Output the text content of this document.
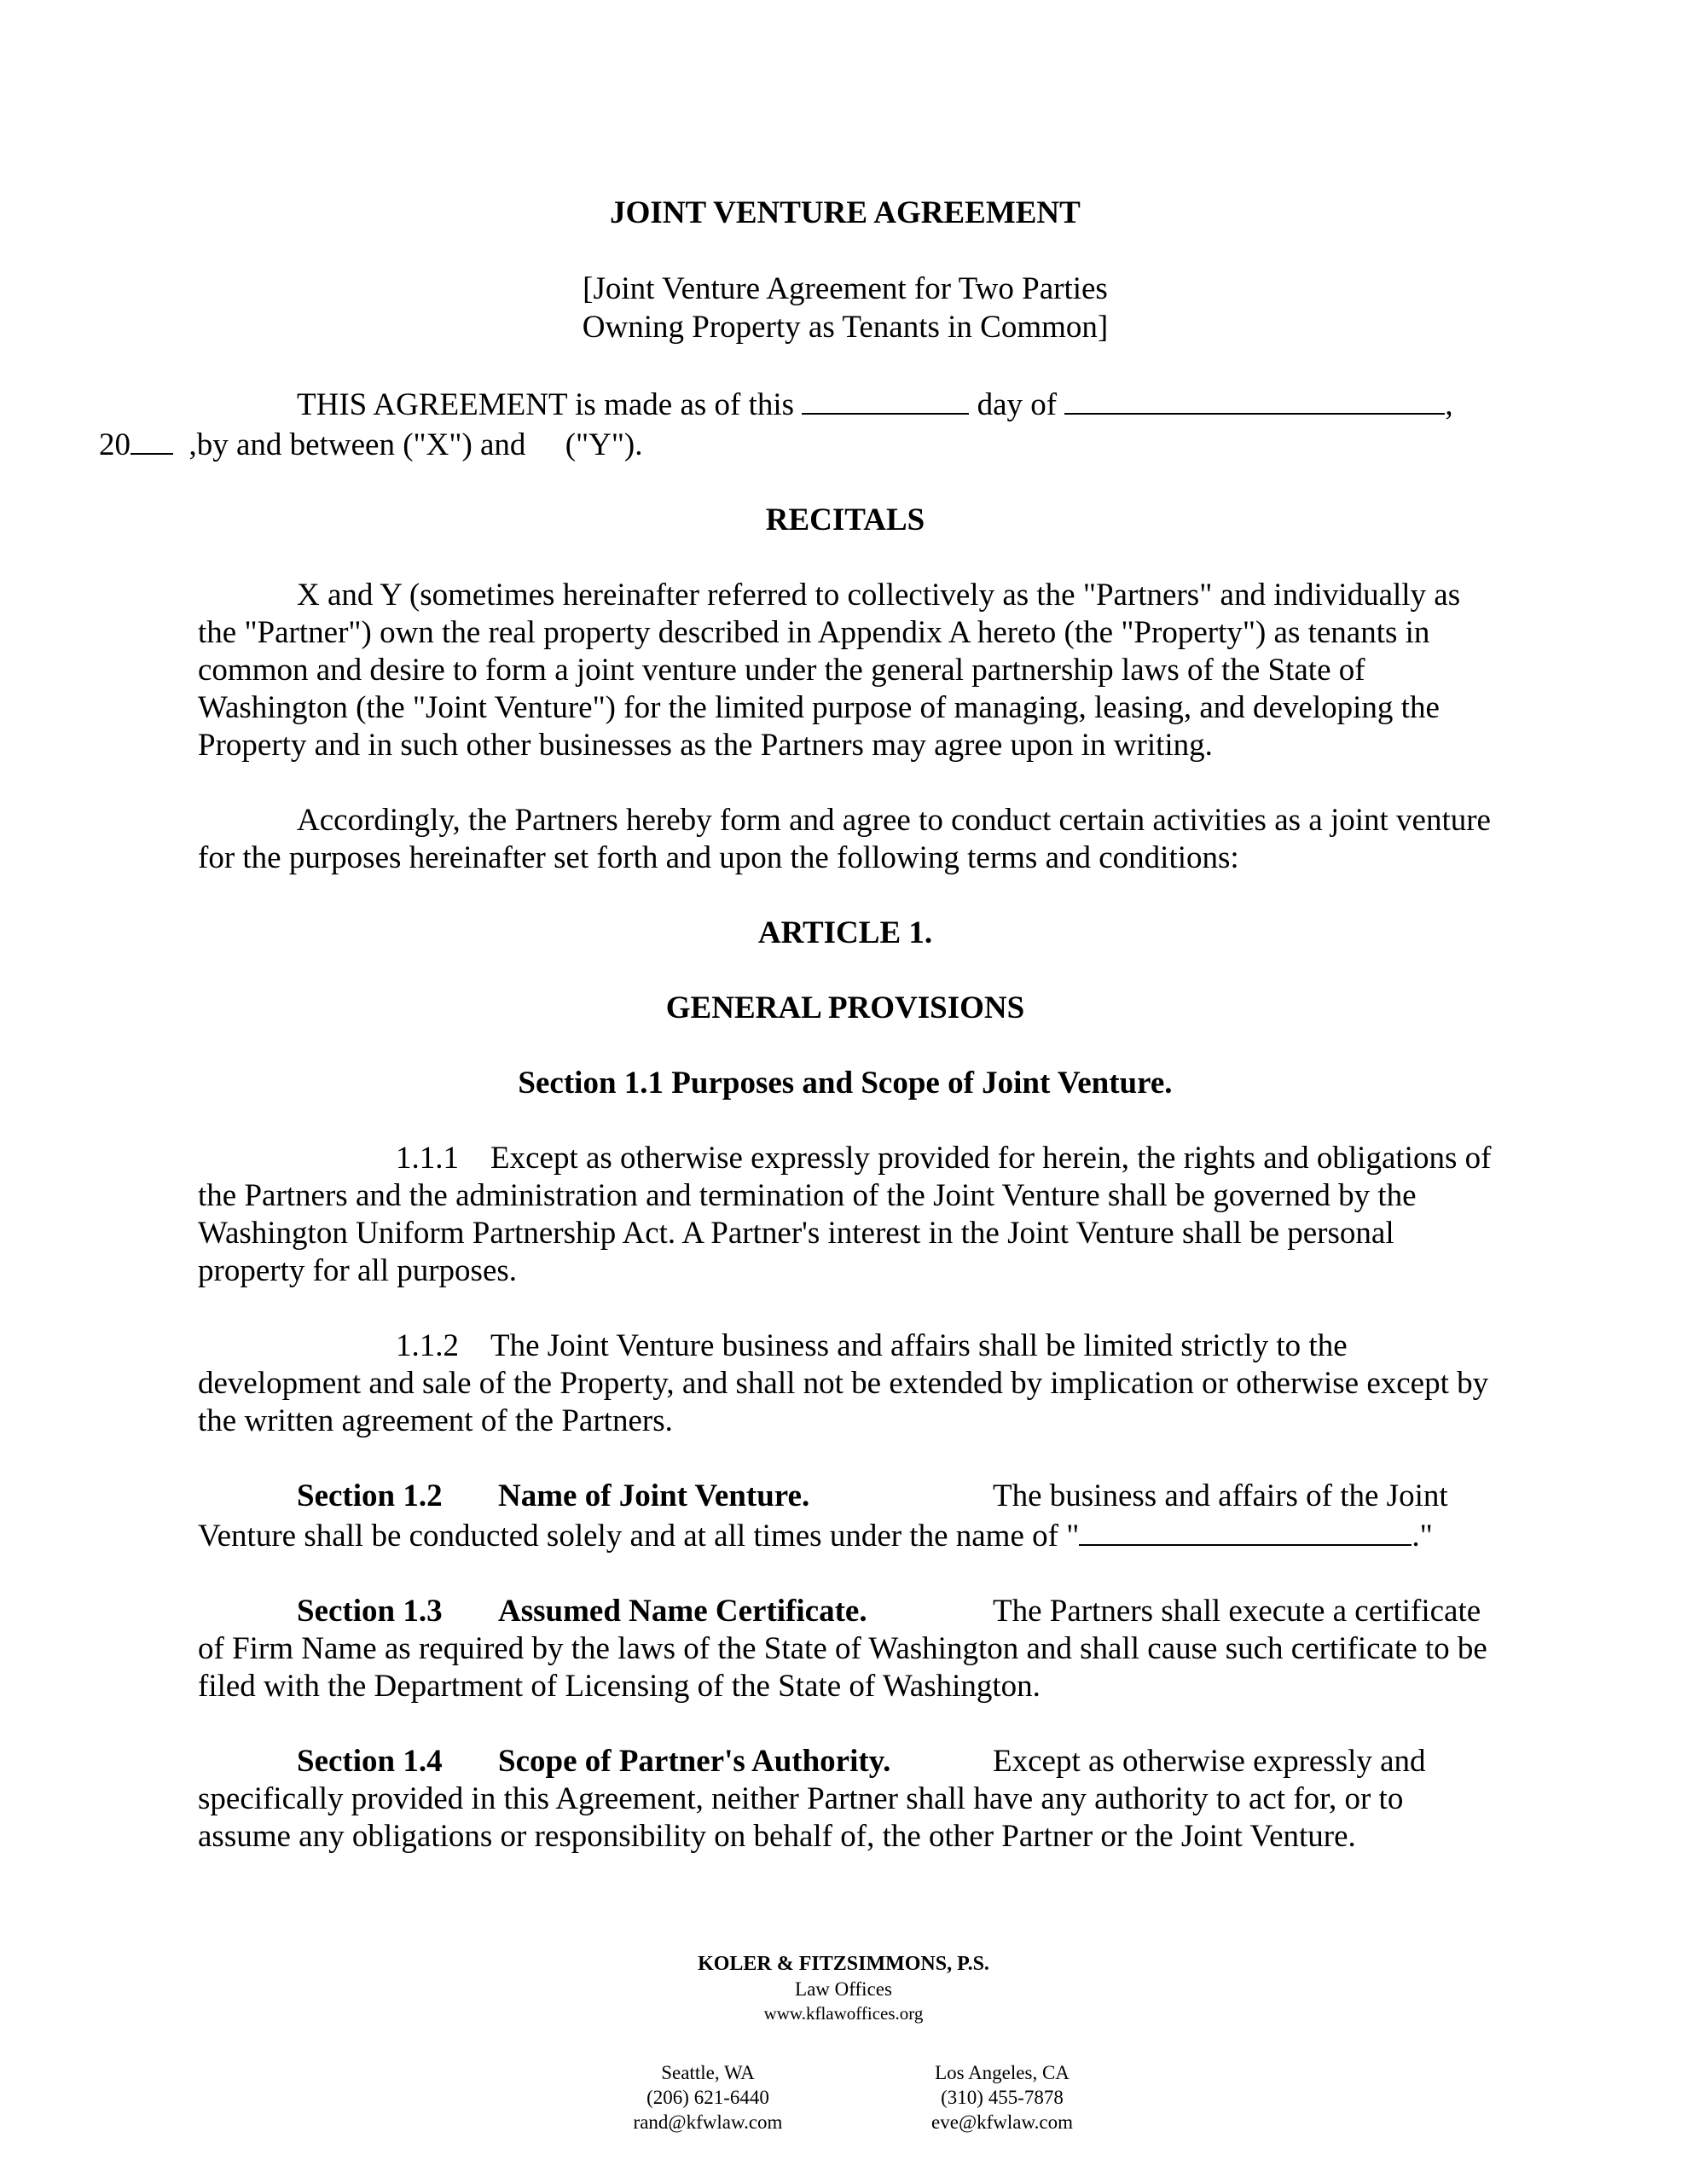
JOINT VENTURE AGREEMENT
[Joint Venture Agreement for Two Parties
Owning Property as Tenants in Common]

THIS AGREEMENT is made as of this	day of	,
20 ,by and between ("X") and ("Y").

RECITALS

X and Y (sometimes hereinafter referred to collectively as the "Partners" and individually as the "Partner") own the real property described in Appendix A hereto (the "Property") as tenants in common and desire to form a joint venture under the general partnership laws of the State of Washington (the "Joint Venture") for the limited purpose of managing, leasing, and developing the Property and in such other businesses as the Partners may agree upon in writing.

Accordingly, the Partners hereby form and agree to conduct certain activities as a joint venture for the purposes hereinafter set forth and upon the following terms and conditions:

ARTICLE 1.
GENERAL PROVISIONS
Section 1.1 Purposes and Scope of Joint Venture.

1.1.1 Except as otherwise expressly provided for herein, the rights and obligations of the Partners and the administration and termination of the Joint Venture shall be governed by the Washington Uniform Partnership Act. A Partner's interest in the Joint Venture shall be personal property for all purposes.

1.1.2 The Joint Venture business and affairs shall be limited strictly to the development and sale of the Property, and shall not be extended by implication or otherwise except by the written agreement of the Partners.

Section 1.2 Name of Joint Venture.	The business and affairs of the Joint Venture shall be conducted solely and at all times under the name of "	."

Section 1.3 Assumed Name Certificate.	The Partners shall execute a certificate of Firm Name as required by the laws of the State of Washington and shall cause such certificate to be filed with the Department of Licensing of the State of Washington.

Section 1.4 Scope of Partner's Authority.	Except as otherwise expressly and specifically provided in this Agreement, neither Partner shall have any authority to act for, or to assume any obligations or responsibility on behalf of, the other Partner or the Joint Venture.

KOLER & FITZSIMMONS, P.S.
Law Offices
www.kflawoffices.org
Seattle, WA
(206) 621-6440
rand@kfwlaw.com
Los Angeles, CA
(310) 455-7878
eve@kfwlaw.com
